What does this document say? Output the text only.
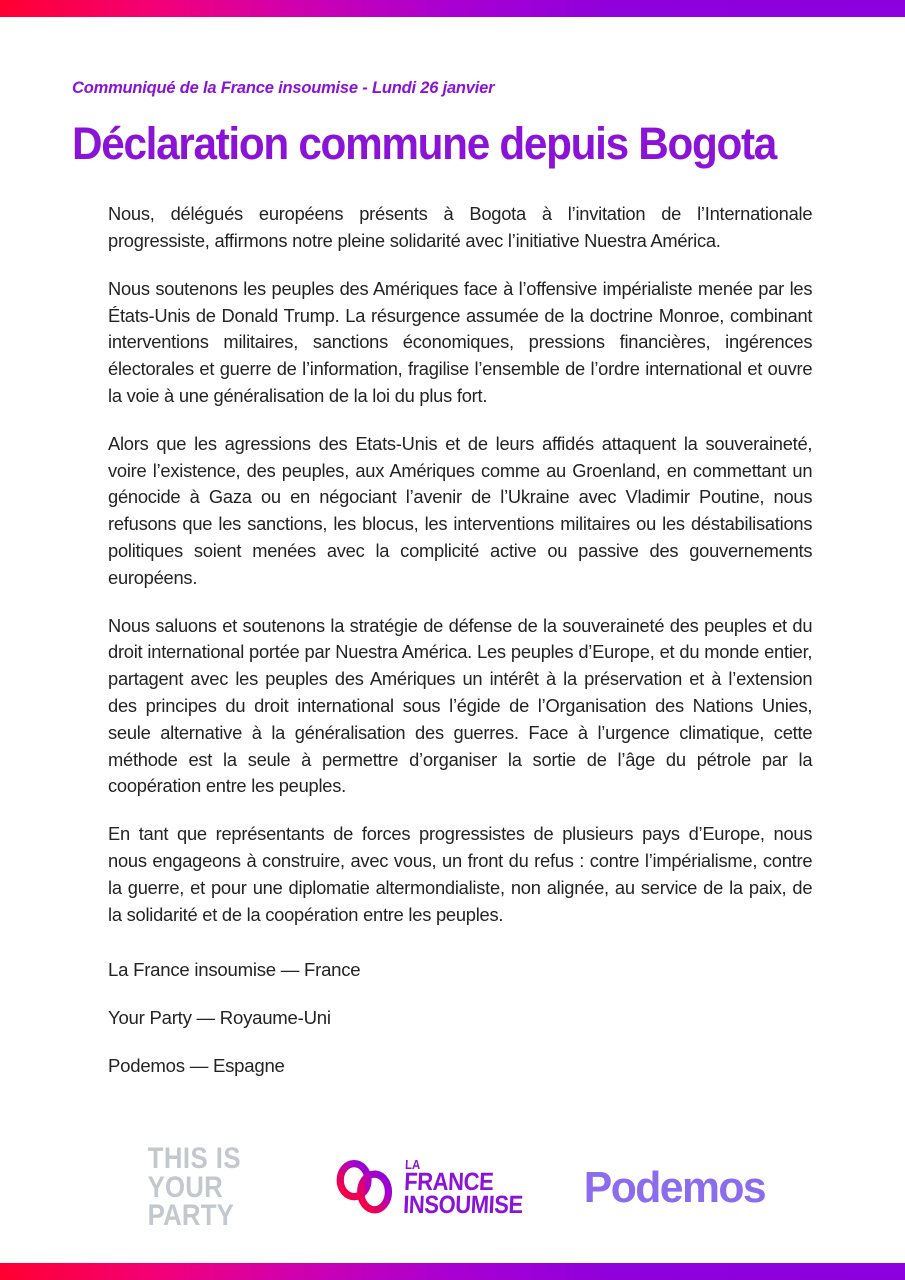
Communiqué de la France insoumise - Lundi 26 janvier

Déclaration commune depuis Bogota

Nous, délégués européens présents à Bogota à l’invitation de l’Internationale progressiste, affirmons notre pleine solidarité avec l’initiative Nuestra América.

Nous soutenons les peuples des Amériques face à l’offensive impérialiste menée par les États-Unis de Donald Trump. La résurgence assumée de la doctrine Monroe, combinant interventions militaires, sanctions économiques, pressions financières, ingérences électorales et guerre de l’information, fragilise l’ensemble de l’ordre international et ouvre la voie à une généralisation de la loi du plus fort.

Alors que les agressions des Etats-Unis et de leurs affidés attaquent la souveraineté, voire l’existence, des peuples, aux Amériques comme au Groenland, en commettant un génocide à Gaza ou en négociant l’avenir de l’Ukraine avec Vladimir Poutine, nous refusons que les sanctions, les blocus, les interventions militaires ou les déstabilisations politiques soient menées avec la complicité active ou passive des gouvernements européens.

Nous saluons et soutenons la stratégie de défense de la souveraineté des peuples et du droit international portée par Nuestra América. Les peuples d’Europe, et du monde entier, partagent avec les peuples des Amériques un intérêt à la préservation et à l’extension des principes du droit international sous l’égide de l’Organisation des Nations Unies, seule alternative à la généralisation des guerres. Face à l’urgence climatique, cette méthode est la seule à permettre d’organiser la sortie de l’âge du pétrole par la coopération entre les peuples.

En tant que représentants de forces progressistes de plusieurs pays d’Europe, nous nous engageons à construire, avec vous, un front du refus : contre l’impérialisme, contre la guerre, et pour une diplomatie altermondialiste, non alignée, au service de la paix, de la solidarité et de la coopération entre les peuples.

La France insoumise — France

Your Party — Royaume-Uni

Podemos — Espagne

THIS IS
YOUR PARTY
LA
FRANCE
INSOUMISE Podemos
